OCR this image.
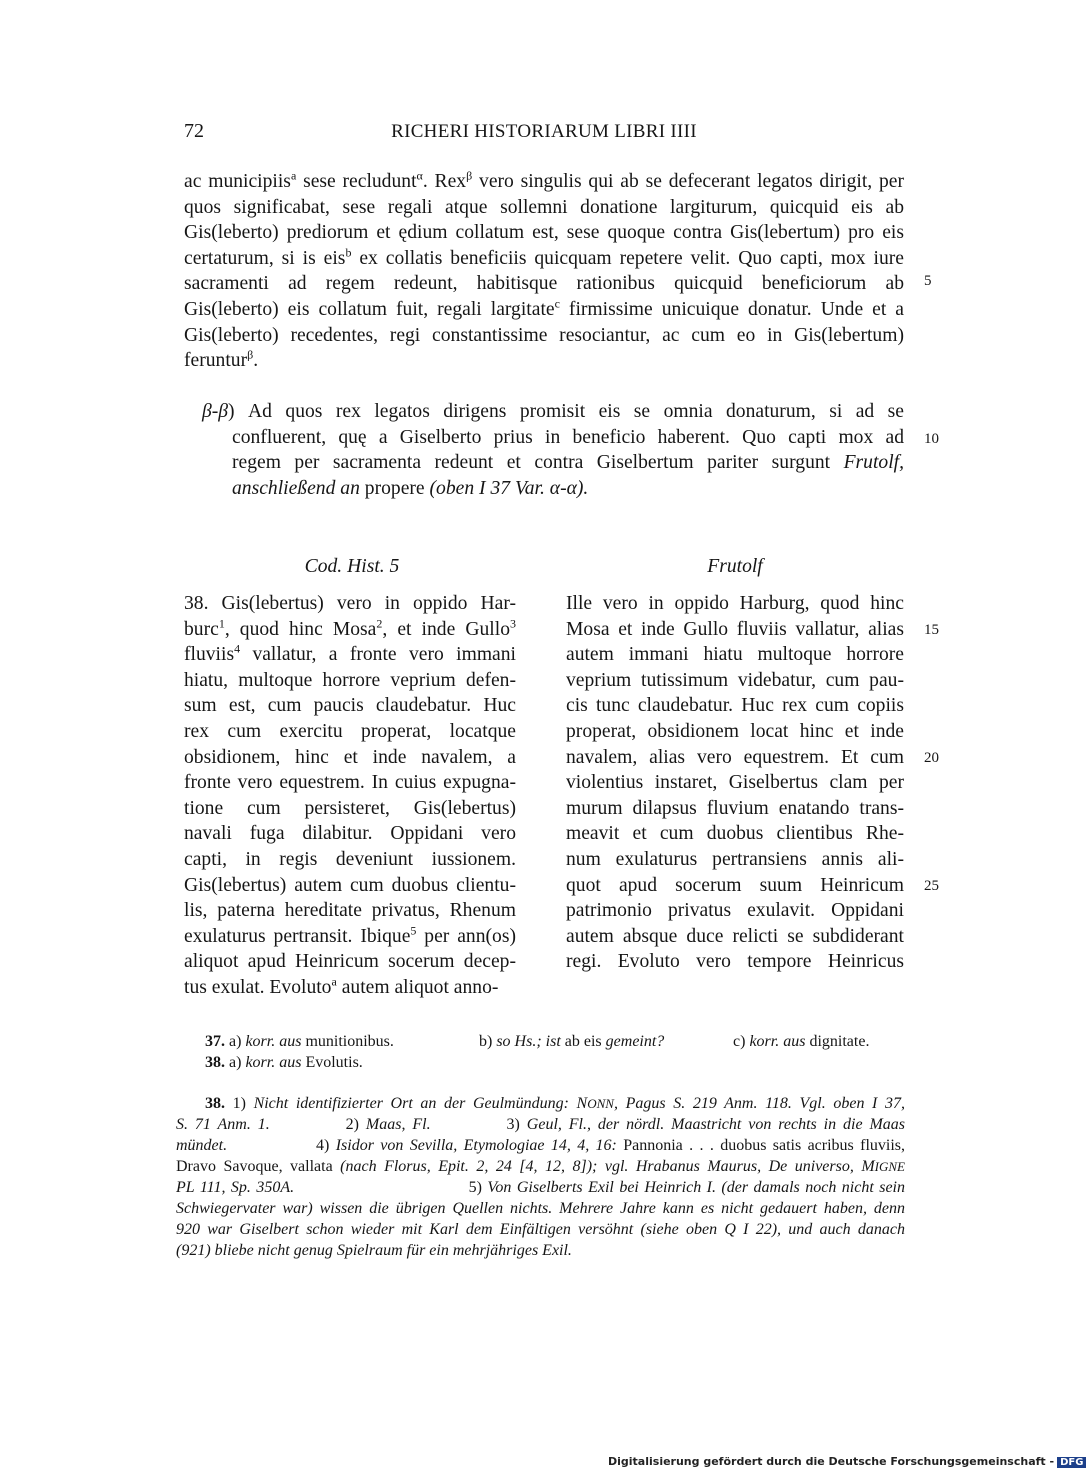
72	RICHERI HISTORIARUM LIBRI IIII
ac municipiis$^a$ sese recludunt$^\alpha$. Rex$^\beta$ vero singulis qui ab se defecerant legatos dirigit, per
quos significabat, sese regali atque sollemni donatione largiturum, quicquid eis ab
Gis(leberto) prediorum et ędium collatum est, sese quoque contra Gis(lebertum) pro eis
certaturum, si is eis$^b$ ex collatis beneficiis quicquam repetere velit. Quo capti, mox iure
sacramenti ad regem redeunt, habitisque rationibus quicquid beneficiorum ab
Gis(leberto) eis collatum fuit, regali largitate$^c$ firmissime unicuique donatur. Unde et a
Gis(leberto) recedentes, regi constantissime resociantur, ac cum eo in Gis(lebertum)
feruntur$^\beta$.
β-β) Ad quos rex legatos dirigens promisit eis se omnia donaturum, si ad se
confluerent, quę a Giselberto prius in beneficio haberent. Quo capti mox ad
regem per sacramenta redeunt et contra Giselbertum pariter surgunt Frutolf,
anschließend an propere (oben I 37 Var. α-α).
5
10
15
20
25
Cod. Hist. 5	Frutolf
38. Gis(lebertus) vero in oppido Har-
burc$^1$, quod hinc Mosa$^2$, et inde Gullo$^3$
fluviis$^4$ vallatur, a fronte vero immani
hiatu, multoque horrore veprium defen-
sum est, cum paucis claudebatur. Huc
rex cum exercitu properat, locatque
obsidionem, hinc et inde navalem, a
fronte vero equestrem. In cuius expugna-
tione cum persisteret, Gis(lebertus)
navali fuga dilabitur. Oppidani vero
capti, in regis deveniunt iussionem.
Gis(lebertus) autem cum duobus clientu-
lis, paterna hereditate privatus, Rhenum
exulaturus pertransit. Ibique$^5$ per ann(os)
aliquot apud Heinricum socerum decep-
tus exulat. Evoluto$^a$ autem aliquot anno-
Ille vero in oppido Harburg, quod hinc
Mosa et inde Gullo fluviis vallatur, alias
autem immani hiatu multoque horrore
veprium tutissimum videbatur, cum pau-
cis tunc claudebatur. Huc rex cum copiis
properat, obsidionem locat hinc et inde
navalem, alias vero equestrem. Et cum
violentius instaret, Giselbertus clam per
murum dilapsus fluvium enatando trans-
meavit et cum duobus clientibus Rhe-
num exulaturus pertransiens annis ali-
quot apud socerum suum Heinricum
patrimonio privatus exulavit. Oppidani
autem absque duce relicti se subdiderant
regi. Evoluto vero tempore Heinricus
37. a) korr. aus munitionibus.	b) so Hs.; ist ab eis gemeint?	c) korr. aus dignitate.
38. a) korr. aus Evolutis.
38. 1) Nicht identifizierter Ort an der Geulmündung: NONN, Pagus S. 219 Anm. 118. Vgl. oben I 37,
S. 71 Anm. 1.           2) Maas, Fl.           3) Geul, Fl., der nördl. Maastricht von rechts in die Maas
mündet.              4) Isidor von Sevilla, Etymologiae 14, 4, 16: Pannonia . . . duobus satis acribus fluviis,
Dravo Savoque, vallata (nach Florus, Epit. 2, 24 [4, 12, 8]); vgl. Hrabanus Maurus, De universo, MIGNE
PL 111, Sp. 350A.                                5) Von Giselberts Exil bei Heinrich I. (der damals noch nicht sein
Schwiegervater war) wissen die übrigen Quellen nichts. Mehrere Jahre kann es nicht gedauert haben, denn
920 war Giselbert schon wieder mit Karl dem Einfältigen versöhnt (siehe oben Q I 22), und auch danach
(921) bliebe nicht genug Spielraum für ein mehrjähriges Exil.
Digitalisierung gefördert durch die Deutsche Forschungsgemeinschaft - DFG
